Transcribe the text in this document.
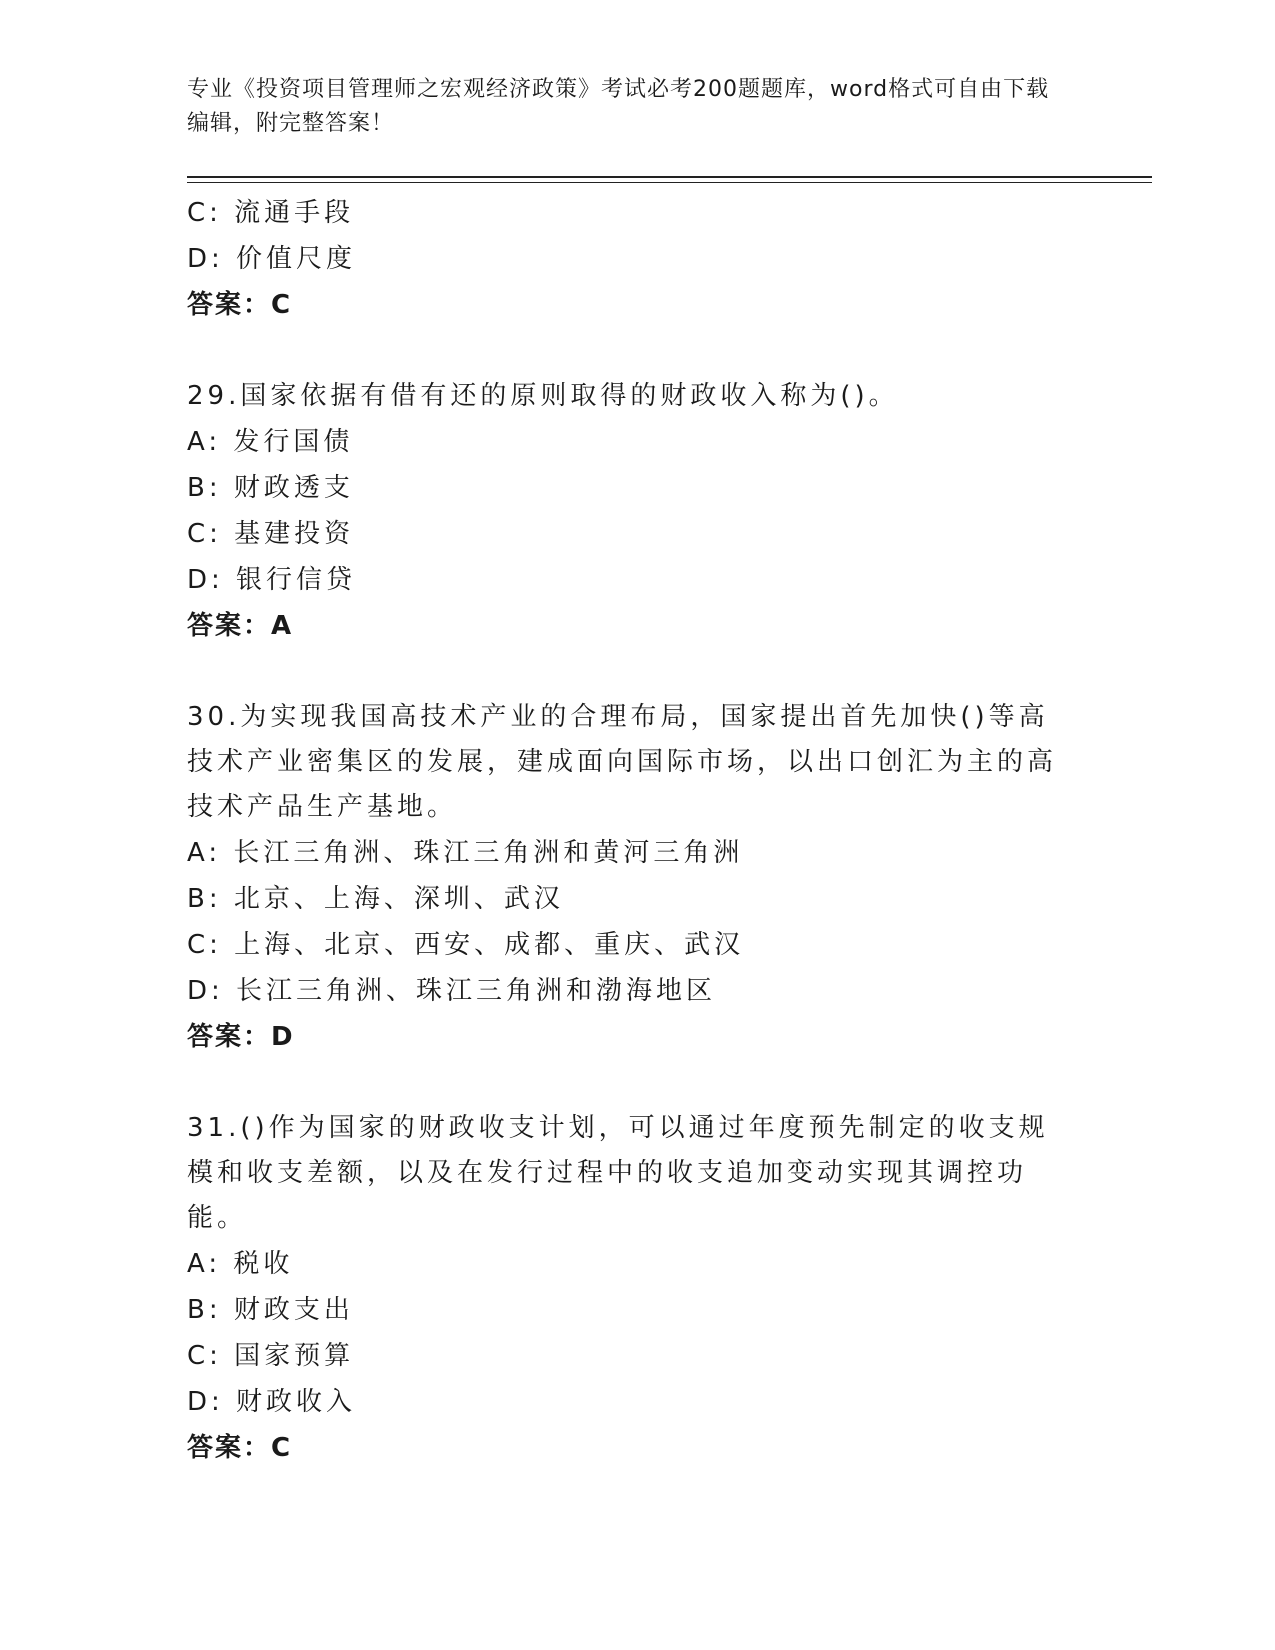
专业《投资项目管理师之宏观经济政策》考试必考200题题库，word格式可自由下载编辑，附完整答案！
C: 流通手段
D: 价值尺度
答案：C
29.国家依据有借有还的原则取得的财政收入称为()。
A: 发行国债
B: 财政透支
C: 基建投资
D: 银行信贷
答案：A
30.为实现我国高技术产业的合理布局，国家提出首先加快()等高技术产业密集区的发展，建成面向国际市场，以出口创汇为主的高技术产品生产基地。
A: 长江三角洲、珠江三角洲和黄河三角洲
B: 北京、上海、深圳、武汉
C: 上海、北京、西安、成都、重庆、武汉
D: 长江三角洲、珠江三角洲和渤海地区
答案：D
31.()作为国家的财政收支计划，可以通过年度预先制定的收支规模和收支差额，以及在发行过程中的收支追加变动实现其调控功能。
A: 税收
B: 财政支出
C: 国家预算
D: 财政收入
答案：C
